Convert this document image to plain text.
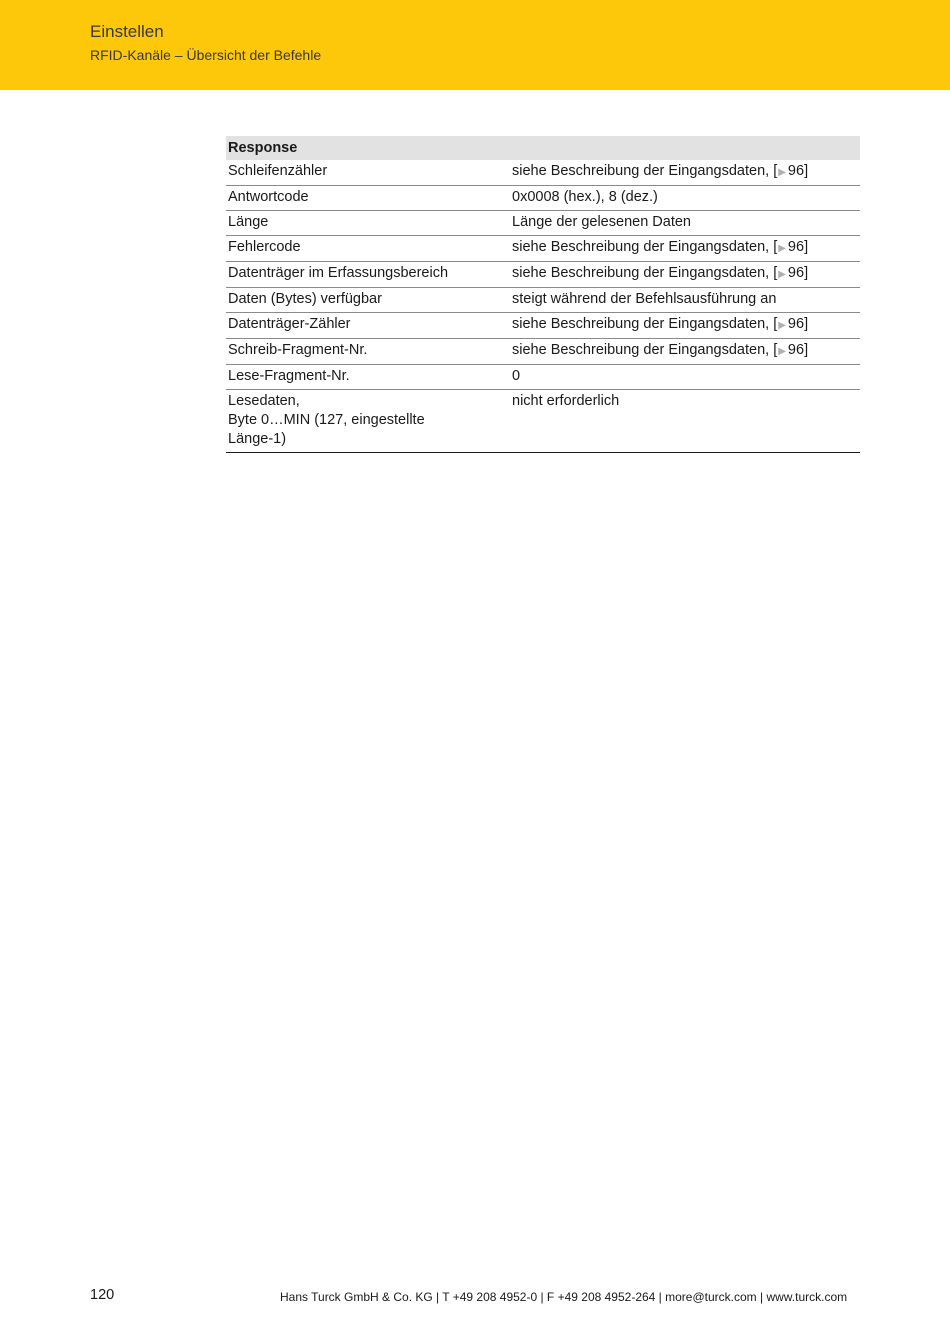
Einstellen
RFID-Kanäle – Übersicht der Befehle
Response	
Schleifenzähler	siehe Beschreibung der Eingangsdaten, [▶ 96]
Antwortcode	0x0008 (hex.), 8 (dez.)
Länge	Länge der gelesenen Daten
Fehlercode	siehe Beschreibung der Eingangsdaten, [▶ 96]
Datenträger im Erfassungsbereich	siehe Beschreibung der Eingangsdaten, [▶ 96]
Daten (Bytes) verfügbar	steigt während der Befehlsausführung an
Datenträger-Zähler	siehe Beschreibung der Eingangsdaten, [▶ 96]
Schreib-Fragment-Nr.	siehe Beschreibung der Eingangsdaten, [▶ 96]
Lese-Fragment-Nr.	0

Lesedaten,
Byte 0…MIN (127, eingestellte
Länge-1)	nicht erforderlich
120	Hans Turck GmbH & Co. KG | T +49 208 4952-0 | F +49 208 4952-264 | more@turck.com | www.turck.com
